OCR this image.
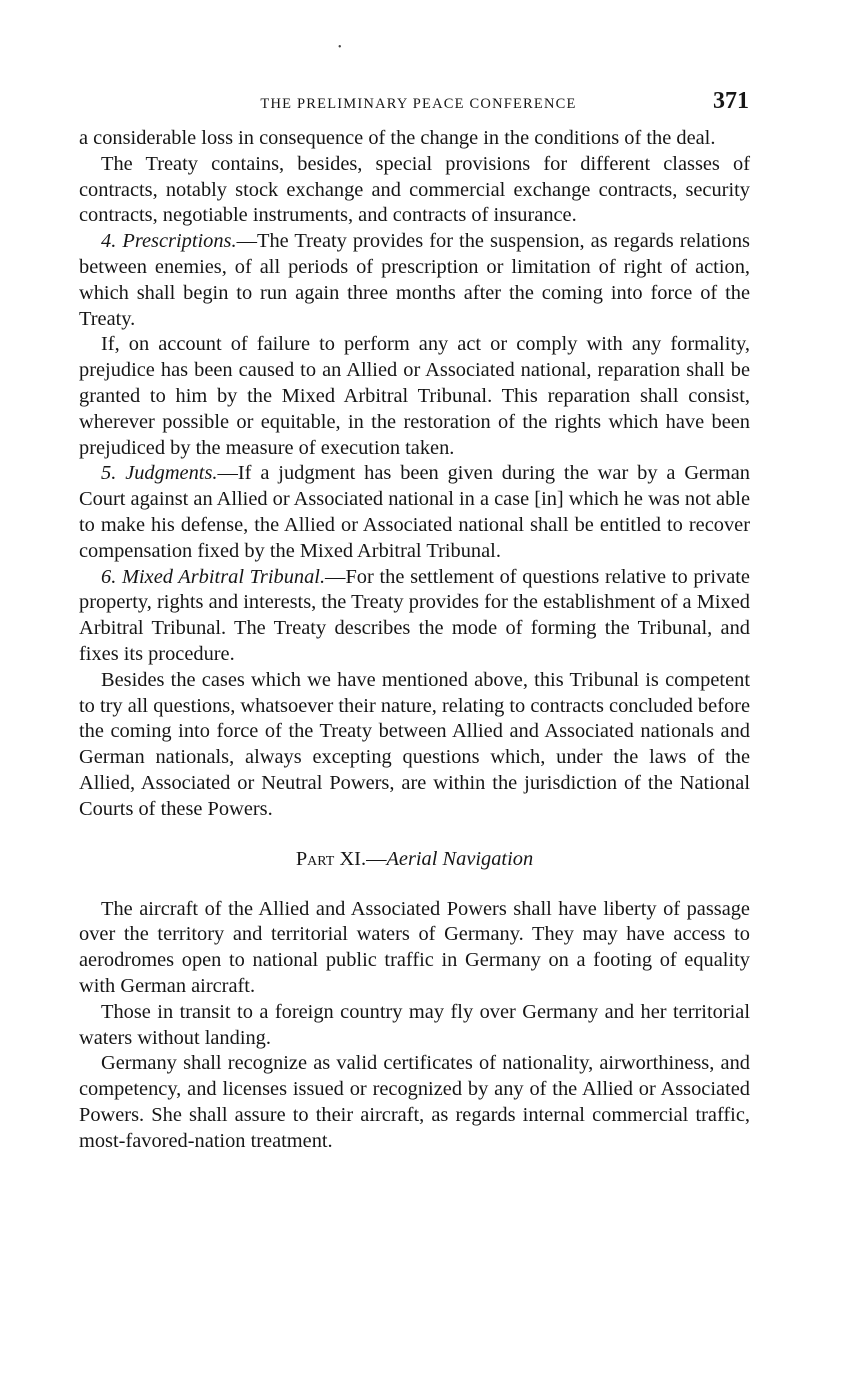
•
THE PRELIMINARY PEACE CONFERENCE	371

a considerable loss in consequence of the change in the conditions of the deal.

The Treaty contains, besides, special provisions for different classes of contracts, notably stock exchange and commercial exchange contracts, security contracts, negotiable instruments, and contracts of insurance.

4. Prescriptions.—The Treaty provides for the suspension, as regards relations between enemies, of all periods of prescription or limitation of right of action, which shall begin to run again three months after the coming into force of the Treaty.

If, on account of failure to perform any act or comply with any formality, prejudice has been caused to an Allied or Associated national, reparation shall be granted to him by the Mixed Arbitral Tribunal. This reparation shall consist, wherever possible or equitable, in the restoration of the rights which have been prejudiced by the measure of execution taken.

5. Judgments.—If a judgment has been given during the war by a German Court against an Allied or Associated national in a case [in] which he was not able to make his defense, the Allied or Associated national shall be entitled to recover compensation fixed by the Mixed Arbitral Tribunal.

6. Mixed Arbitral Tribunal.—For the settlement of questions relative to private property, rights and interests, the Treaty provides for the establishment of a Mixed Arbitral Tribunal. The Treaty describes the mode of forming the Tribunal, and fixes its procedure.

Besides the cases which we have mentioned above, this Tribunal is competent to try all questions, whatsoever their nature, relating to contracts concluded before the coming into force of the Treaty between Allied and Associated nationals and German nationals, always excepting questions which, under the laws of the Allied, Associated or Neutral Powers, are within the jurisdiction of the National Courts of these Powers.

Part XI.—Aerial Navigation

The aircraft of the Allied and Associated Powers shall have liberty of passage over the territory and territorial waters of Germany. They may have access to aerodromes open to national public traffic in Germany on a footing of equality with German aircraft.

Those in transit to a foreign country may fly over Germany and her territorial waters without landing.

Germany shall recognize as valid certificates of nationality, airworthiness, and competency, and licenses issued or recognized by any of the Allied or Associated Powers. She shall assure to their aircraft, as regards internal commercial traffic, most-favored-nation treatment.
